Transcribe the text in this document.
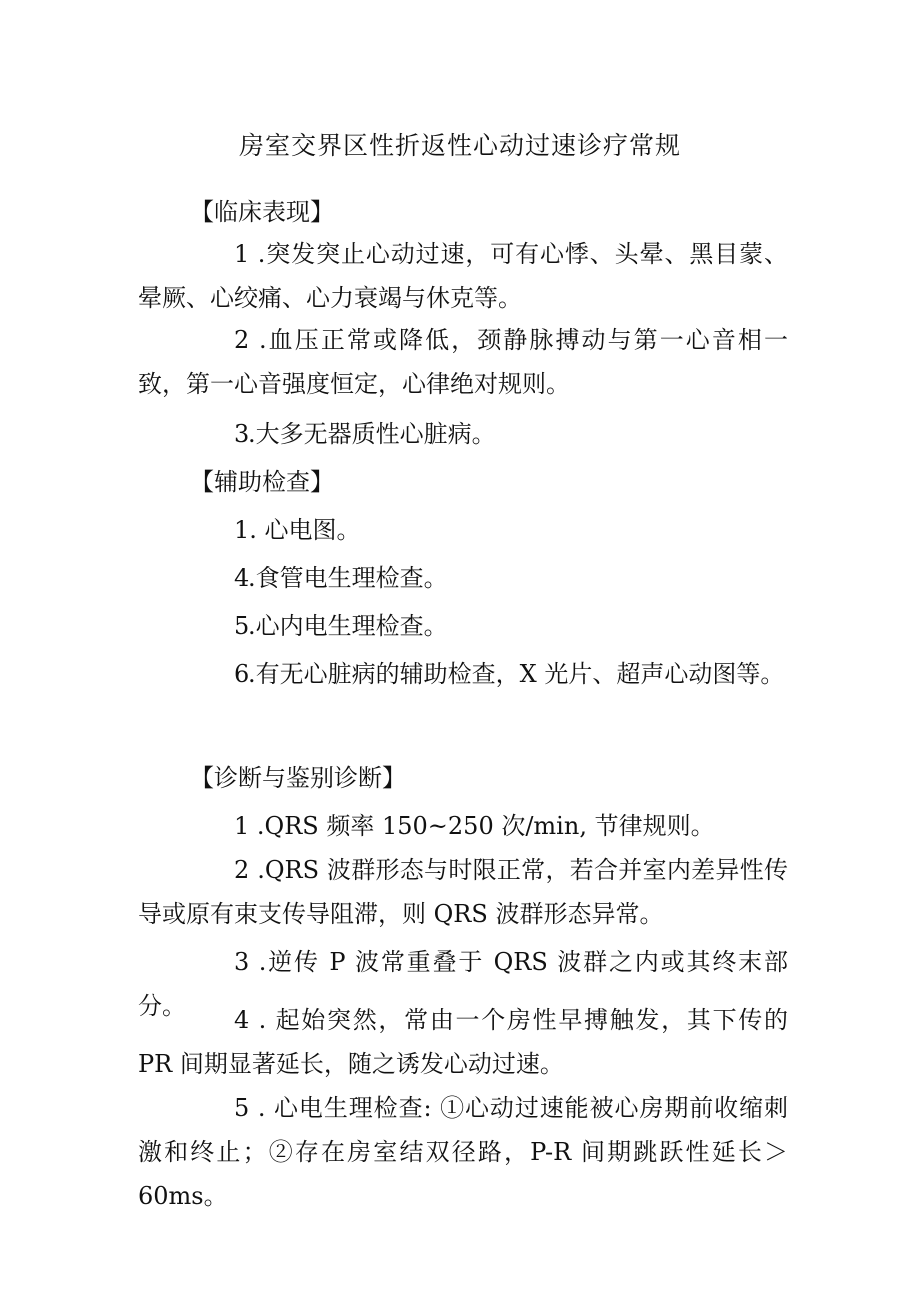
房室交界区性折返性心动过速诊疗常规
【临床表现】
1 .突发突止心动过速，可有心悸、头晕、黑目蒙、晕厥、心绞痛、心力衰竭与休克等。
2 .血压正常或降低，颈静脉搏动与第一心音相一致，第一心音强度恒定，心律绝对规则。
3.大多无器质性心脏病。
【辅助检查】
1. 心电图。
4.食管电生理检查。
5.心内电生理检查。
6.有无心脏病的辅助检查，X 光片、超声心动图等。
【诊断与鉴别诊断】
1 .QRS 频率 150~250 次/min, 节律规则。
2 .QRS 波群形态与时限正常，若合并室内差异性传导或原有束支传导阻滞，则 QRS 波群形态异常。
3 .逆传 P 波常重叠于 QRS 波群之内或其终末部分。	4 . 起始突然，常由一个房性早搏触发，其下传的 PR 间期显著延长，随之诱发心动过速。
5 . 心电生理检查: ①心动过速能被心房期前收缩刺激和终止；②存在房室结双径路，P-R 间期跳跃性延长＞60ms。
